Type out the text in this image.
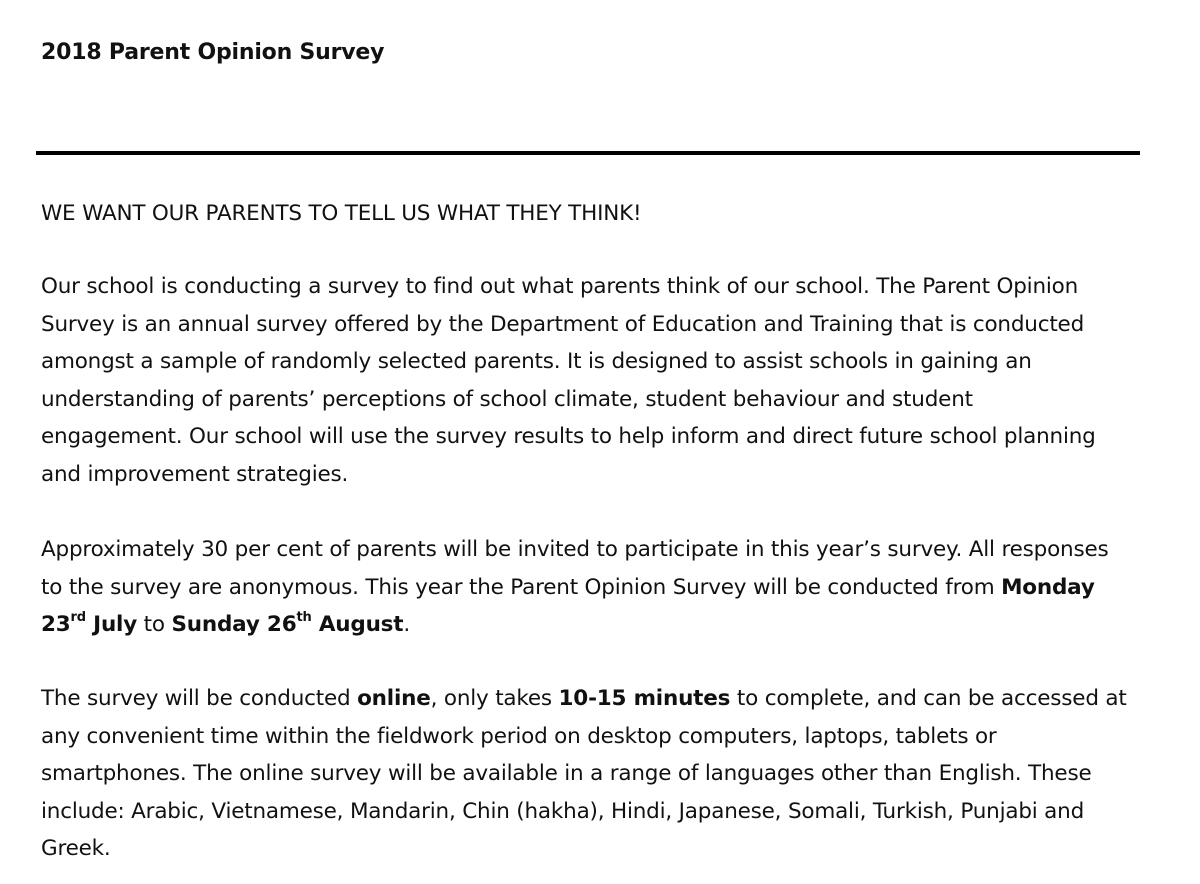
2018 Parent Opinion Survey
WE WANT OUR PARENTS TO TELL US WHAT THEY THINK!
Our school is conducting a survey to find out what parents think of our school. The Parent Opinion
Survey is an annual survey offered by the Department of Education and Training that is conducted
amongst a sample of randomly selected parents. It is designed to assist schools in gaining an
understanding of parents’ perceptions of school climate, student behaviour and student
engagement. Our school will use the survey results to help inform and direct future school planning
and improvement strategies.
Approximately 30 per cent of parents will be invited to participate in this year’s survey. All responses
to the survey are anonymous. This year the Parent Opinion Survey will be conducted from Monday
23rd July to Sunday 26th August.
The survey will be conducted online, only takes 10-15 minutes to complete, and can be accessed at
any convenient time within the fieldwork period on desktop computers, laptops, tablets or
smartphones. The online survey will be available in a range of languages other than English. These
include: Arabic, Vietnamese, Mandarin, Chin (hakha), Hindi, Japanese, Somali, Turkish, Punjabi and
Greek.
